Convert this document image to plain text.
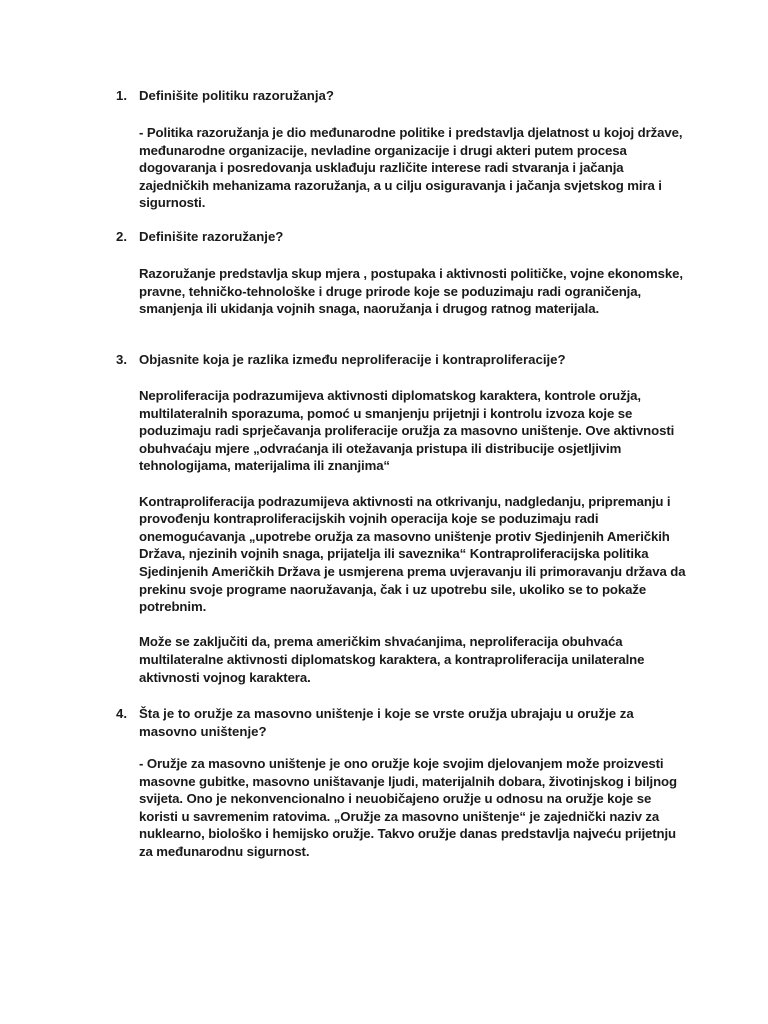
1. Definišite politiku razoružanja?

- Politika razoružanja je dio međunarodne politike i predstavlja djelatnost u kojoj države, međunarodne organizacije, nevladine organizacije i drugi akteri putem procesa dogovaranja i posredovanja usklađuju različite interese radi stvaranja i jačanja zajedničkih mehanizama razoružanja, a u cilju osiguravanja i jačanja svjetskog mira i sigurnosti.

2. Definišite razoružanje?

Razoružanje predstavlja skup mjera , postupaka i aktivnosti političke, vojne ekonomske, pravne, tehničko-tehnološke i druge prirode koje se poduzimaju radi ograničenja, smanjenja ili ukidanja vojnih snaga, naoružanja i drugog ratnog materijala.

3. Objasnite koja je razlika između neproliferacije i kontraproliferacije?

Neproliferacija podrazumijeva aktivnosti diplomatskog karaktera, kontrole oružja, multilateralnih sporazuma, pomoć u smanjenju prijetnji i kontrolu izvoza koje se poduzimaju radi sprječavanja proliferacije oružja za masovno uništenje. Ove aktivnosti obuhvaćaju mjere „odvraćanja ili otežavanja pristupa ili distribucije osjetljivim tehnologijama, materijalima ili znanjima“

Kontraproliferacija podrazumijeva aktivnosti na otkrivanju, nadgledanju, pripremanju i provođenju kontraproliferacijskih vojnih operacija koje se poduzimaju radi onemogućavanja „upotrebe oružja za masovno uništenje protiv Sjedinjenih Američkih Država, njezinih vojnih snaga, prijatelja ili saveznika“ Kontraproliferacijska politika Sjedinjenih Američkih Država je usmjerena prema uvjeravanju ili primoravanju država da prekinu svoje programe naoružavanja, čak i uz upotrebu sile, ukoliko se to pokaže potrebnim.

Može se zaključiti da, prema američkim shvaćanjima, neproliferacija obuhvaća multilateralne aktivnosti diplomatskog karaktera, a kontraproliferacija unilateralne aktivnosti vojnog karaktera.

4. Šta je to oružje za masovno uništenje i koje se vrste oružja ubrajaju u oružje za masovno uništenje?

- Oružje za masovno uništenje je ono oružje koje svojim djelovanjem može proizvesti masovne gubitke, masovno uništavanje ljudi, materijalnih dobara, životinjskog i biljnog svijeta. Ono je nekonvencionalno i neuobičajeno oružje u odnosu na oružje koje se koristi u savremenim ratovima. „Oružje za masovno uništenje“ je zajednički naziv za nuklearno, biološko i hemijsko oružje. Takvo oružje danas predstavlja najveću prijetnju za međunarodnu sigurnost.
